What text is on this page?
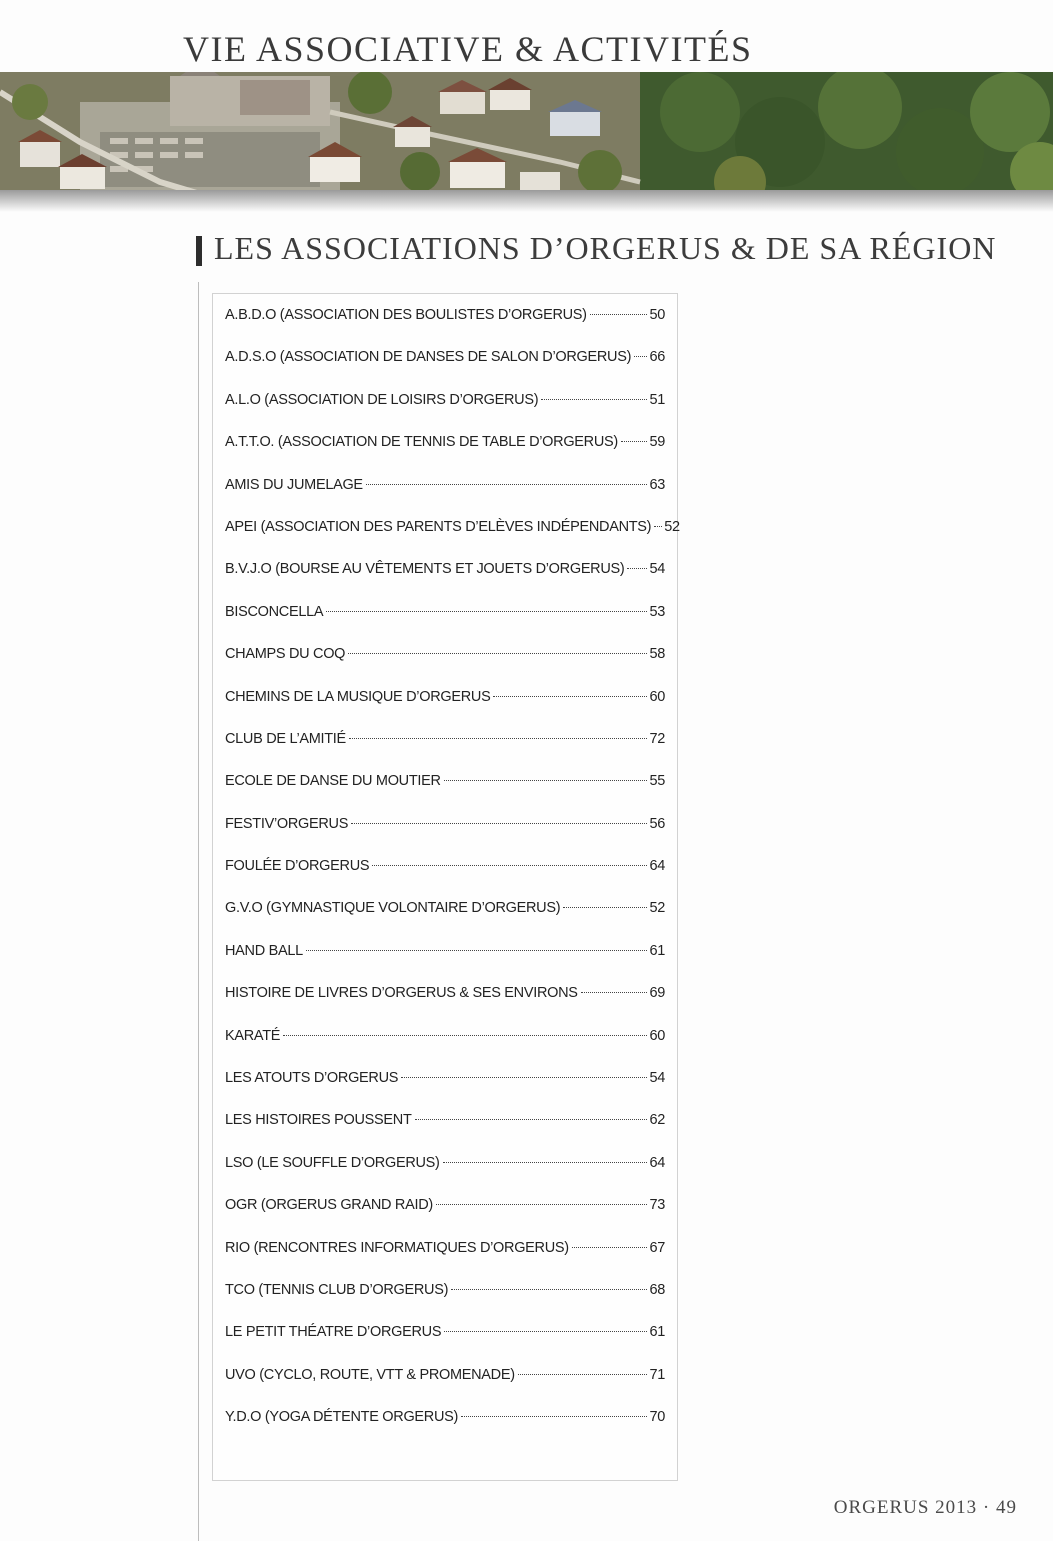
VIE ASSOCIATIVE & ACTIVITÉS
LES ASSOCIATIONS D’ORGERUS & DE SA RÉGION
A.B.D.O (ASSOCIATION DES BOULISTES D’ORGERUS)	50
A.D.S.O (ASSOCIATION DE DANSES DE SALON D’ORGERUS) 66
A.L.O (ASSOCIATION DE LOISIRS D’ORGERUS)	51
A.T.T.O. (ASSOCIATION DE TENNIS DE TABLE D’ORGERUS) 59
AMIS DU JUMELAGE	63
APEI (ASSOCIATION DES PARENTS D’ELÈVES INDÉPENDANTS) 52
B.V.J.O (BOURSE AU VÊTEMENTS ET JOUETS D’ORGERUS) 54
BISCONCELLA	53
CHAMPS DU COQ	58
CHEMINS DE LA MUSIQUE D’ORGERUS	60
CLUB DE L’AMITIÉ	72
ECOLE DE DANSE DU MOUTIER	55
FESTIV’ORGERUS	56
FOULÉE D’ORGERUS	64
G.V.O (GYMNASTIQUE VOLONTAIRE D’ORGERUS)	52
HAND BALL	61
HISTOIRE DE LIVRES D’ORGERUS & SES ENVIRONS	69
KARATÉ	60
LES ATOUTS D’ORGERUS	54
LES HISTOIRES POUSSENT	62
LSO (LE SOUFFLE D’ORGERUS)	64
OGR (ORGERUS GRAND RAID)	73
RIO (RENCONTRES INFORMATIQUES D’ORGERUS)	67
TCO (TENNIS CLUB D’ORGERUS)	68
LE PETIT THÉATRE D’ORGERUS	61
UVO (CYCLO, ROUTE, VTT & PROMENADE)	71
Y.D.O (YOGA DÉTENTE ORGERUS)	70
ORGERUS 2013 · 49
